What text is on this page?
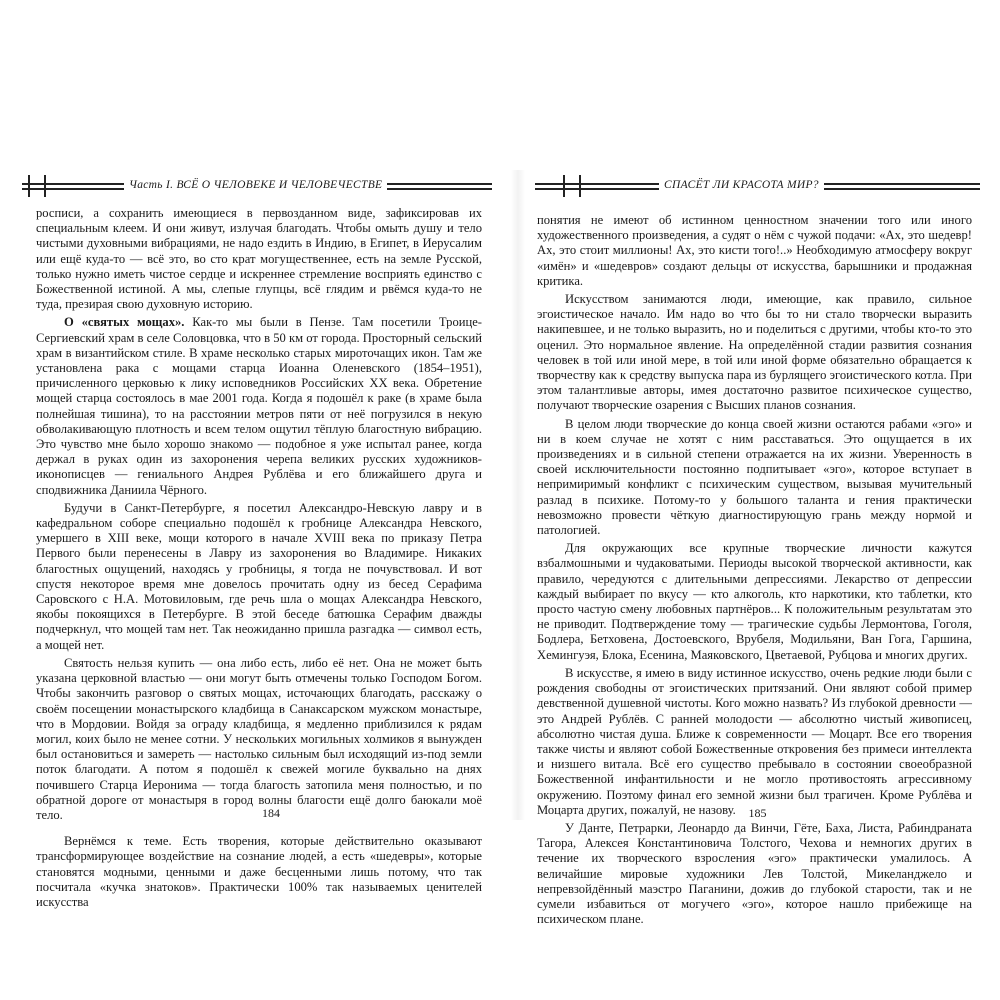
Часть I. ВСЁ О ЧЕЛОВЕКЕ И ЧЕЛОВЕЧЕСТВЕ

росписи, а сохранить имеющиеся в первозданном виде, зафиксировав их специальным клеем. И они живут, излучая благодать. Чтобы омыть душу и тело чистыми духовными вибрациями, не надо ездить в Индию, в Египет, в Иерусалим или ещё куда-то — всё это, во сто крат могущественнее, есть на земле Русской, только нужно иметь чистое сердце и искреннее стремление восприять единство с Божественной истиной. А мы, слепые глупцы, всё глядим и рвёмся куда-то не туда, презирая свою духовную историю.

О «святых мощах». Как-то мы были в Пензе. Там посетили Троице-Сергиевский храм в селе Соловцовка, что в 50 км от города. Просторный сельский храм в византийском стиле. В храме несколько старых мироточащих икон. Там же установлена рака с мощами старца Иоанна Оленевского (1854–1951), причисленного церковью к лику исповедников Российских XX века. Обретение мощей старца состоялось в мае 2001 года. Когда я подошёл к раке (в храме была полнейшая тишина), то на расстоянии метров пяти от неё погрузился в некую обволакивающую плотность и всем телом ощутил тёплую благостную вибрацию. Это чувство мне было хорошо знакомо — подобное я уже испытал ранее, когда держал в руках один из захоронения черепа великих русских художников-иконописцев — гениального Андрея Рублёва и его ближайшего друга и сподвижника Даниила Чёрного.

Будучи в Санкт-Петербурге, я посетил Александро-Невскую лавру и в кафедральном соборе специально подошёл к гробнице Александра Невского, умершего в XIII веке, мощи которого в начале XVIII века по приказу Петра Первого были перенесены в Лавру из захоронения во Владимире. Никаких благостных ощущений, находясь у гробницы, я тогда не почувствовал. И вот спустя некоторое время мне довелось прочитать одну из бесед Серафима Саровского с Н.А. Мотовиловым, где речь шла о мощах Александра Невского, якобы покоящихся в Петербурге. В этой беседе батюшка Серафим дважды подчеркнул, что мощей там нет. Так неожиданно пришла разгадка — символ есть, а мощей нет.

Святость нельзя купить — она либо есть, либо её нет. Она не может быть указана церковной властью — они могут быть отмечены только Господом Богом. Чтобы закончить разговор о святых мощах, источающих благодать, расскажу о своём посещении монастырского кладбища в Санаксарском мужском монастыре, что в Мордовии. Войдя за ограду кладбища, я медленно приблизился к рядам могил, коих было не менее сотни. У нескольких могильных холмиков я вынужден был остановиться и замереть — настолько сильным был исходящий из-под земли поток благодати. А потом я подошёл к свежей могиле буквально на днях почившего Старца Иеронима — тогда благость затопила меня полностью, и по обратной дороге от монастыря в город волны благости ещё долго баюкали моё тело.

Вернёмся к теме. Есть творения, которые действительно оказывают трансформирующее воздействие на сознание людей, а есть «шедевры», которые становятся модными, ценными и даже бесценными лишь потому, что так посчитала «кучка знатоков». Практически 100% так называемых ценителей искусства

184
СПАСЁТ ЛИ КРАСОТА МИР?

понятия не имеют об истинном ценностном значении того или иного художественного произведения, а судят о нём с чужой подачи: «Ах, это шедевр! Ах, это стоит миллионы! Ах, это кисти того!..» Необходимую атмосферу вокруг «имён» и «шедевров» создают дельцы от искусства, барышники и продажная критика.

Искусством занимаются люди, имеющие, как правило, сильное эгоистическое начало. Им надо во что бы то ни стало творчески выразить накипевшее, и не только выразить, но и поделиться с другими, чтобы кто-то это оценил. Это нормальное явление. На определённой стадии развития сознания человек в той или иной мере, в той или иной форме обязательно обращается к творчеству как к средству выпуска пара из бурлящего эгоистического котла. При этом талантливые авторы, имея достаточно развитое психическое существо, получают творческие озарения с Высших планов сознания.

В целом люди творческие до конца своей жизни остаются рабами «эго» и ни в коем случае не хотят с ним расставаться. Это ощущается в их произведениях и в сильной степени отражается на их жизни. Уверенность в своей исключительности постоянно подпитывает «эго», которое вступает в непримиримый конфликт с психическим существом, вызывая мучительный разлад в психике. Потому-то у большого таланта и гения практически невозможно провести чёткую диагностирующую грань между нормой и патологией.

Для окружающих все крупные творческие личности кажутся взбалмошными и чудаковатыми. Периоды высокой творческой активности, как правило, чередуются с длительными депрессиями. Лекарство от депрессии каждый выбирает по вкусу — кто алкоголь, кто наркотики, кто таблетки, кто просто частую смену любовных партнёров... К положительным результатам это не приводит. Подтверждение тому — трагические судьбы Лермонтова, Гоголя, Бодлера, Бетховена, Достоевского, Врубеля, Модильяни, Ван Гога, Гаршина, Хемингуэя, Блока, Есенина, Маяковского, Цветаевой, Рубцова и многих других.

В искусстве, я имею в виду истинное искусство, очень редкие люди были с рождения свободны от эгоистических притязаний. Они являют собой пример девственной душевной чистоты. Кого можно назвать? Из глубокой древности — это Андрей Рублёв. С ранней молодости — абсолютно чистый живописец, абсолютно чистая душа. Ближе к современности — Моцарт. Все его творения также чисты и являют собой Божественные откровения без примеси интеллекта и низшего витала. Всё его существо пребывало в состоянии своеобразной Божественной инфантильности и не могло противостоять агрессивному окружению. Поэтому финал его земной жизни был трагичен. Кроме Рублёва и Моцарта других, пожалуй, не назову.

У Данте, Петрарки, Леонардо да Винчи, Гёте, Баха, Листа, Рабиндраната Тагора, Алексея Константиновича Толстого, Чехова и немногих других в течение их творческого взросления «эго» практически умалилось. А величайшие мировые художники Лев Толстой, Микеланджело и непревзойдённый маэстро Паганини, дожив до глубокой старости, так и не сумели избавиться от могучего «эго», которое нашло прибежище на психическом плане.

185
